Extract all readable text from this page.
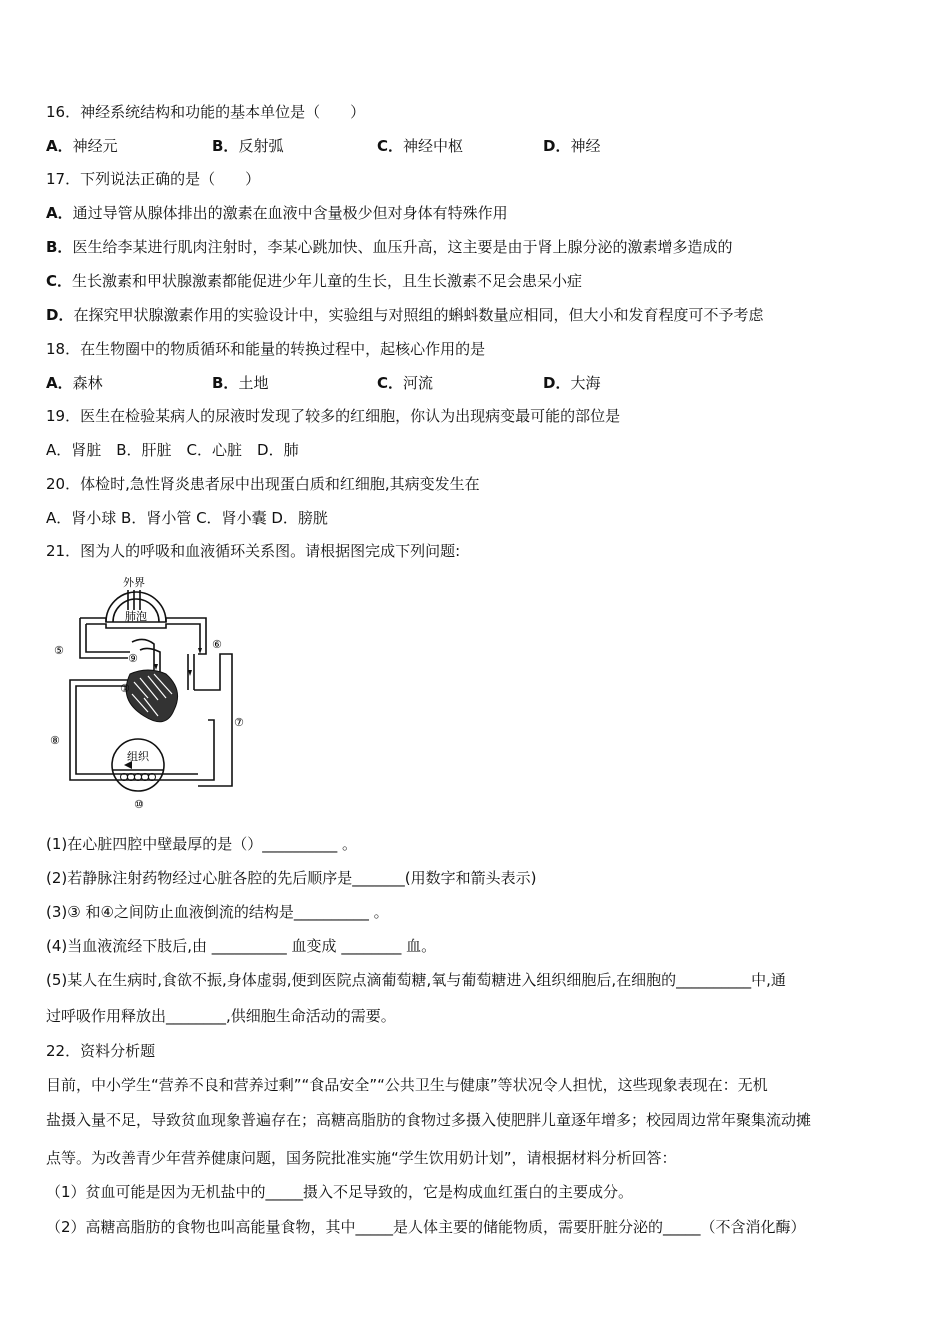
16．神经系统结构和功能的基本单位是（　　）
A．神经元	B．反射弧	C．神经中枢	D．神经
17．下列说法正确的是（　　）
A．通过导管从腺体排出的激素在血液中含量极少但对身体有特殊作用
B．医生给李某进行肌肉注射时，李某心跳加快、血压升高，这主要是由于肾上腺分泌的激素增多造成的
C．生长激素和甲状腺激素都能促进少年儿童的生长，且生长激素不足会患呆小症
D．在探究甲状腺激素作用的实验设计中，实验组与对照组的蝌蚪数量应相同，但大小和发育程度可不予考虑
18．在生物圈中的物质循环和能量的转换过程中，起核心作用的是
A．森林	B．土地	C．河流	D．大海
19．医生在检验某病人的尿液时发现了较多的红细胞，你认为出现病变最可能的部位是
A．肾脏　B．肝脏　C．心脏　D．肺
20．体检时,急性肾炎患者尿中出现蛋白质和红细胞,其病变发生在
A．肾小球 B．肾小管 C．肾小囊 D．膀胱
21．图为人的呼吸和血液循环关系图。请根据图完成下列问题:
外界
肺泡
组织
⑤	⑥
⑦
⑧
⑨
①
⑩
(1)在心脏四腔中壁最厚的是（）__________ 。
(2)若静脉注射药物经过心脏各腔的先后顺序是_______(用数字和箭头表示)
(3)③ 和④之间防止血液倒流的结构是__________ 。
(4)当血液流经下肢后,由 __________ 血变成 ________ 血。
(5)某人在生病时,食欲不振,身体虚弱,便到医院点滴葡萄糖,氧与葡萄糖进入组织细胞后,在细胞的__________中,通
过呼吸作用释放出________,供细胞生命活动的需要。
22．资料分析题
目前，中小学生“营养不良和营养过剩”“食品安全”“公共卫生与健康”等状况令人担忧，这些现象表现在：无机
盐摄入量不足，导致贫血现象普遍存在；高糖高脂肪的食物过多摄入使肥胖儿童逐年增多；校园周边常年聚集流动摊
点等。为改善青少年营养健康问题，国务院批准实施“学生饮用奶计划”，请根据材料分析回答：
（1）贫血可能是因为无机盐中的_____摄入不足导致的，它是构成血红蛋白的主要成分。
（2）高糖高脂肪的食物也叫高能量食物，其中_____是人体主要的储能物质，需要肝脏分泌的_____（不含消化酶）
